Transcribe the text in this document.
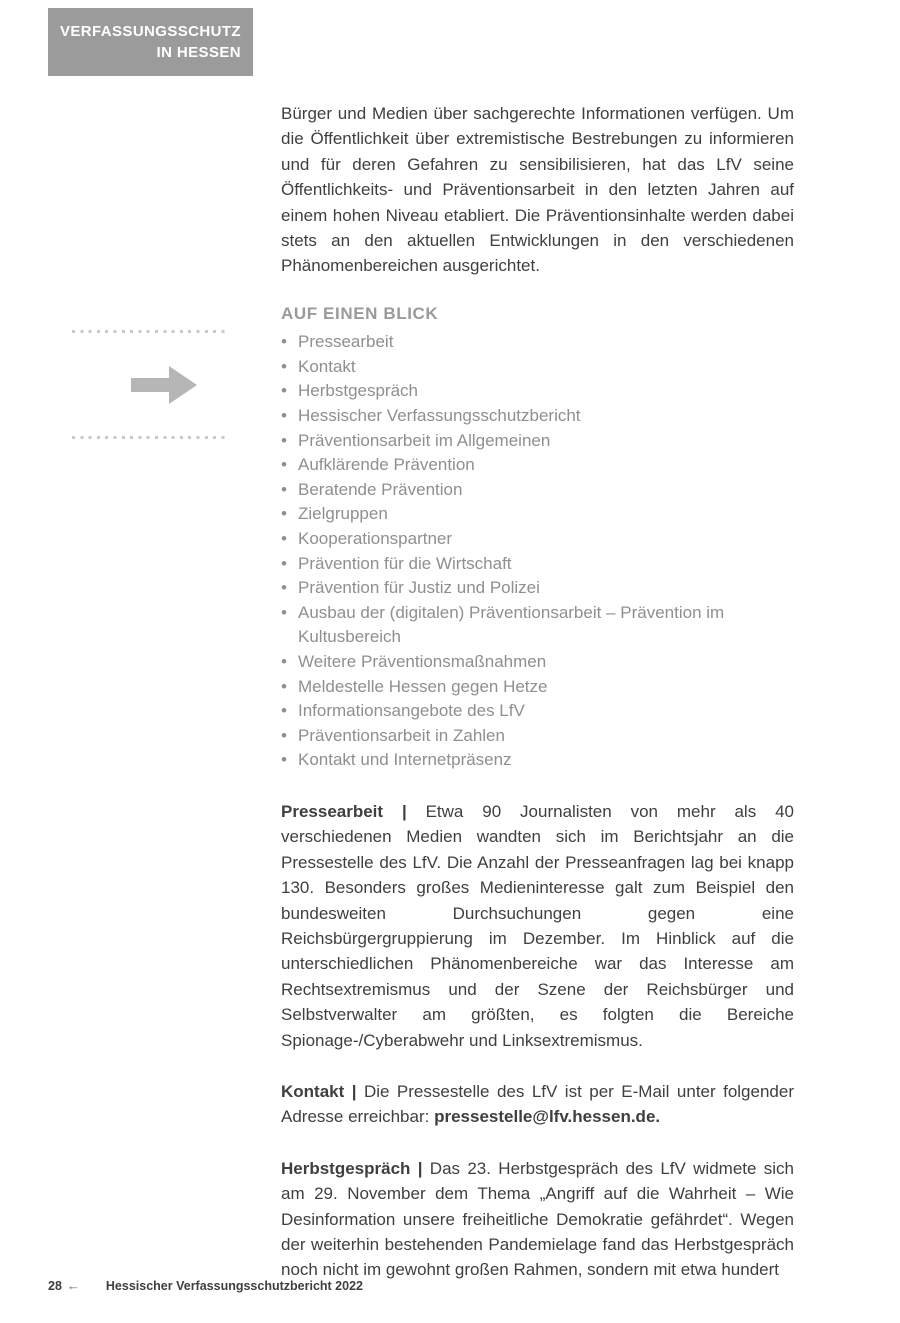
VERFASSUNGSSCHUTZ
IN HESSEN

Bürger und Medien über sachgerechte Informationen verfügen. Um die Öffentlichkeit über extremistische Bestrebungen zu informieren und für deren Gefahren zu sensibilisieren, hat das LfV seine Öffentlichkeits- und Präventionsarbeit in den letzten Jahren auf einem hohen Niveau etabliert. Die Präventionsinhalte werden dabei stets an den aktuellen Entwicklungen in den verschiedenen Phänomenbereichen ausgerichtet.

AUF EINEN BLICK
• Pressearbeit
• Kontakt
• Herbstgespräch
• Hessischer Verfassungsschutzbericht
• Präventionsarbeit im Allgemeinen
• Aufklärende Prävention
• Beratende Prävention
• Zielgruppen
• Kooperationspartner
• Prävention für die Wirtschaft
• Prävention für Justiz und Polizei
• Ausbau der (digitalen) Präventionsarbeit – Prävention im Kultusbereich
• Weitere Präventionsmaßnahmen
• Meldestelle Hessen gegen Hetze
• Informationsangebote des LfV
• Präventionsarbeit in Zahlen
• Kontakt und Internetpräsenz

Pressearbeit | Etwa 90 Journalisten von mehr als 40 verschiedenen Medien wandten sich im Berichtsjahr an die Pressestelle des LfV. Die Anzahl der Presseanfragen lag bei knapp 130. Besonders großes Medieninteresse galt zum Beispiel den bundesweiten Durchsuchungen gegen eine Reichsbürgergruppierung im Dezember. Im Hinblick auf die unterschiedlichen Phänomenbereiche war das Interesse am Rechtsextremismus und der Szene der Reichsbürger und Selbstverwalter am größten, es folgten die Bereiche Spionage-/Cyberabwehr und Linksextremismus.

Kontakt | Die Pressestelle des LfV ist per E-Mail unter folgender Adresse erreichbar: pressestelle@lfv.hessen.de.

Herbstgespräch | Das 23. Herbstgespräch des LfV widmete sich am 29. November dem Thema „Angriff auf die Wahrheit – Wie Desinformation unsere freiheitliche Demokratie gefährdet“. Wegen der weiterhin bestehenden Pandemielage fand das Herbstgespräch noch nicht im gewohnt großen Rahmen, sondern mit etwa hundert

28 ← Hessischer Verfassungsschutzbericht 2022
